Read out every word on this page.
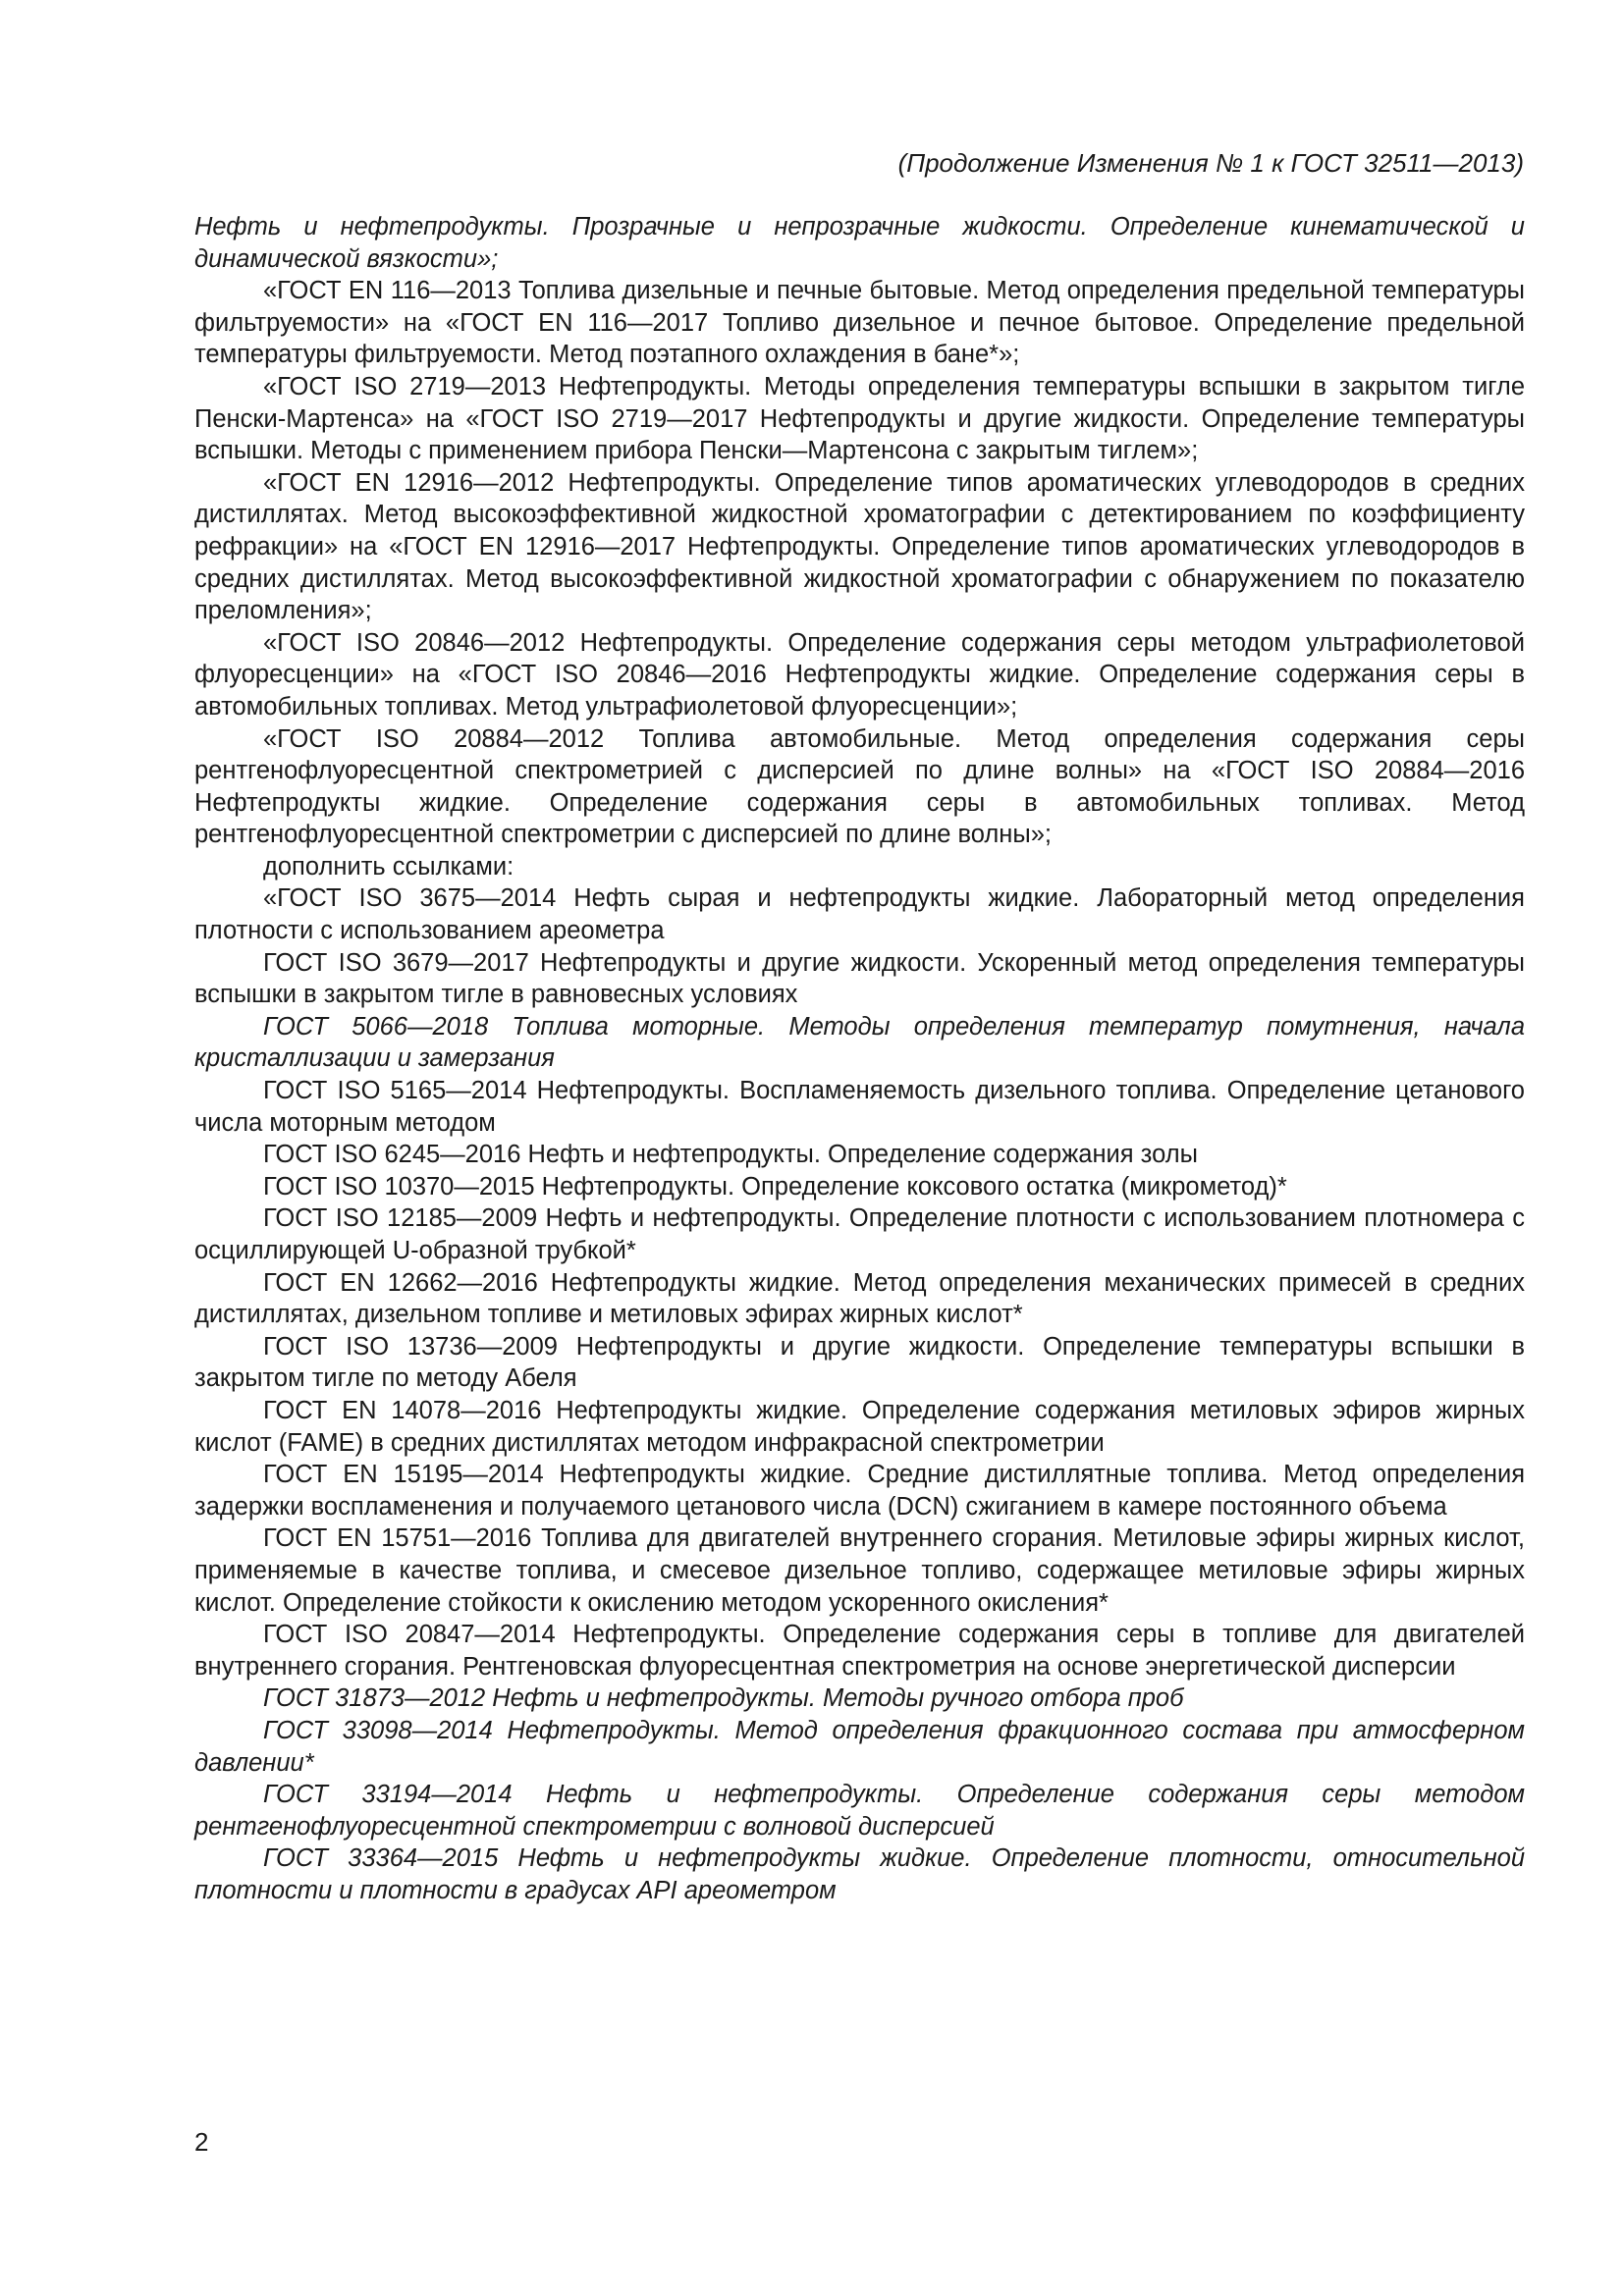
(Продолжение Изменения № 1 к ГОСТ 32511—2013)

Нефть и нефтепродукты. Прозрачные и непрозрачные жидкости. Определение кинематической и динамической вязкости»;

«ГОСТ EN 116—2013 Топлива дизельные и печные бытовые. Метод определения предельной температуры фильтруемости» на «ГОСТ EN 116—2017 Топливо дизельное и печное бытовое. Определение предельной температуры фильтруемости. Метод поэтапного охлаждения в бане*»;

«ГОСТ ISO 2719—2013 Нефтепродукты. Методы определения температуры вспышки в закрытом тигле Пенски-Мартенса» на «ГОСТ ISO 2719—2017 Нефтепродукты и другие жидкости. Определение температуры вспышки. Методы с применением прибора Пенски—Мартенсона с закрытым тиглем»;

«ГОСТ EN 12916—2012 Нефтепродукты. Определение типов ароматических углеводородов в средних дистиллятах. Метод высокоэффективной жидкостной хроматографии с детектированием по коэффициенту рефракции» на «ГОСТ EN 12916—2017 Нефтепродукты. Определение типов ароматических углеводородов в средних дистиллятах. Метод высокоэффективной жидкостной хроматографии с обнаружением по показателю преломления»;

«ГОСТ ISO 20846—2012 Нефтепродукты. Определение содержания серы методом ультрафиолетовой флуоресценции» на «ГОСТ ISO 20846—2016 Нефтепродукты жидкие. Определение содержания серы в автомобильных топливах. Метод ультрафиолетовой флуоресценции»;

«ГОСТ ISO 20884—2012 Топлива автомобильные. Метод определения содержания серы рентгенофлуоресцентной спектрометрией с дисперсией по длине волны» на «ГОСТ ISO 20884—2016 Нефтепродукты жидкие. Определение содержания серы в автомобильных топливах. Метод рентгенофлуоресцентной спектрометрии с дисперсией по длине волны»;

дополнить ссылками:

«ГОСТ ISO 3675—2014 Нефть сырая и нефтепродукты жидкие. Лабораторный метод определения плотности с использованием ареометра

ГОСТ ISO 3679—2017 Нефтепродукты и другие жидкости. Ускоренный метод определения температуры вспышки в закрытом тигле в равновесных условиях

ГОСТ 5066—2018 Топлива моторные. Методы определения температур помутнения, начала кристаллизации и замерзания

ГОСТ ISO 5165—2014 Нефтепродукты. Воспламеняемость дизельного топлива. Определение цетанового числа моторным методом

ГОСТ ISO 6245—2016 Нефть и нефтепродукты. Определение содержания золы

ГОСТ ISO 10370—2015 Нефтепродукты. Определение коксового остатка (микрометод)*

ГОСТ ISO 12185—2009 Нефть и нефтепродукты. Определение плотности с использованием плотномера с осциллирующей U-образной трубкой*

ГОСТ EN 12662—2016 Нефтепродукты жидкие. Метод определения механических примесей в средних дистиллятах, дизельном топливе и метиловых эфирах жирных кислот*

ГОСТ ISO 13736—2009 Нефтепродукты и другие жидкости. Определение температуры вспышки в закрытом тигле по методу Абеля

ГОСТ EN 14078—2016 Нефтепродукты жидкие. Определение содержания метиловых эфиров жирных кислот (FAME) в средних дистиллятах методом инфракрасной спектрометрии

ГОСТ EN 15195—2014 Нефтепродукты жидкие. Средние дистиллятные топлива. Метод определения задержки воспламенения и получаемого цетанового числа (DCN) сжиганием в камере постоянного объема

ГОСТ EN 15751—2016 Топлива для двигателей внутреннего сгорания. Метиловые эфиры жирных кислот, применяемые в качестве топлива, и смесевое дизельное топливо, содержащее метиловые эфиры жирных кислот. Определение стойкости к окислению методом ускоренного окисления*

ГОСТ ISO 20847—2014 Нефтепродукты. Определение содержания серы в топливе для двигателей внутреннего сгорания. Рентгеновская флуоресцентная спектрометрия на основе энергетической дисперсии

ГОСТ 31873—2012 Нефть и нефтепродукты. Методы ручного отбора проб

ГОСТ 33098—2014 Нефтепродукты. Метод определения фракционного состава при атмосферном давлении*

ГОСТ 33194—2014 Нефть и нефтепродукты. Определение содержания серы методом рентгенофлуоресцентной спектрометрии с волновой дисперсией

ГОСТ 33364—2015 Нефть и нефтепродукты жидкие. Определение плотности, относительной плотности и плотности в градусах API ареометром

2
